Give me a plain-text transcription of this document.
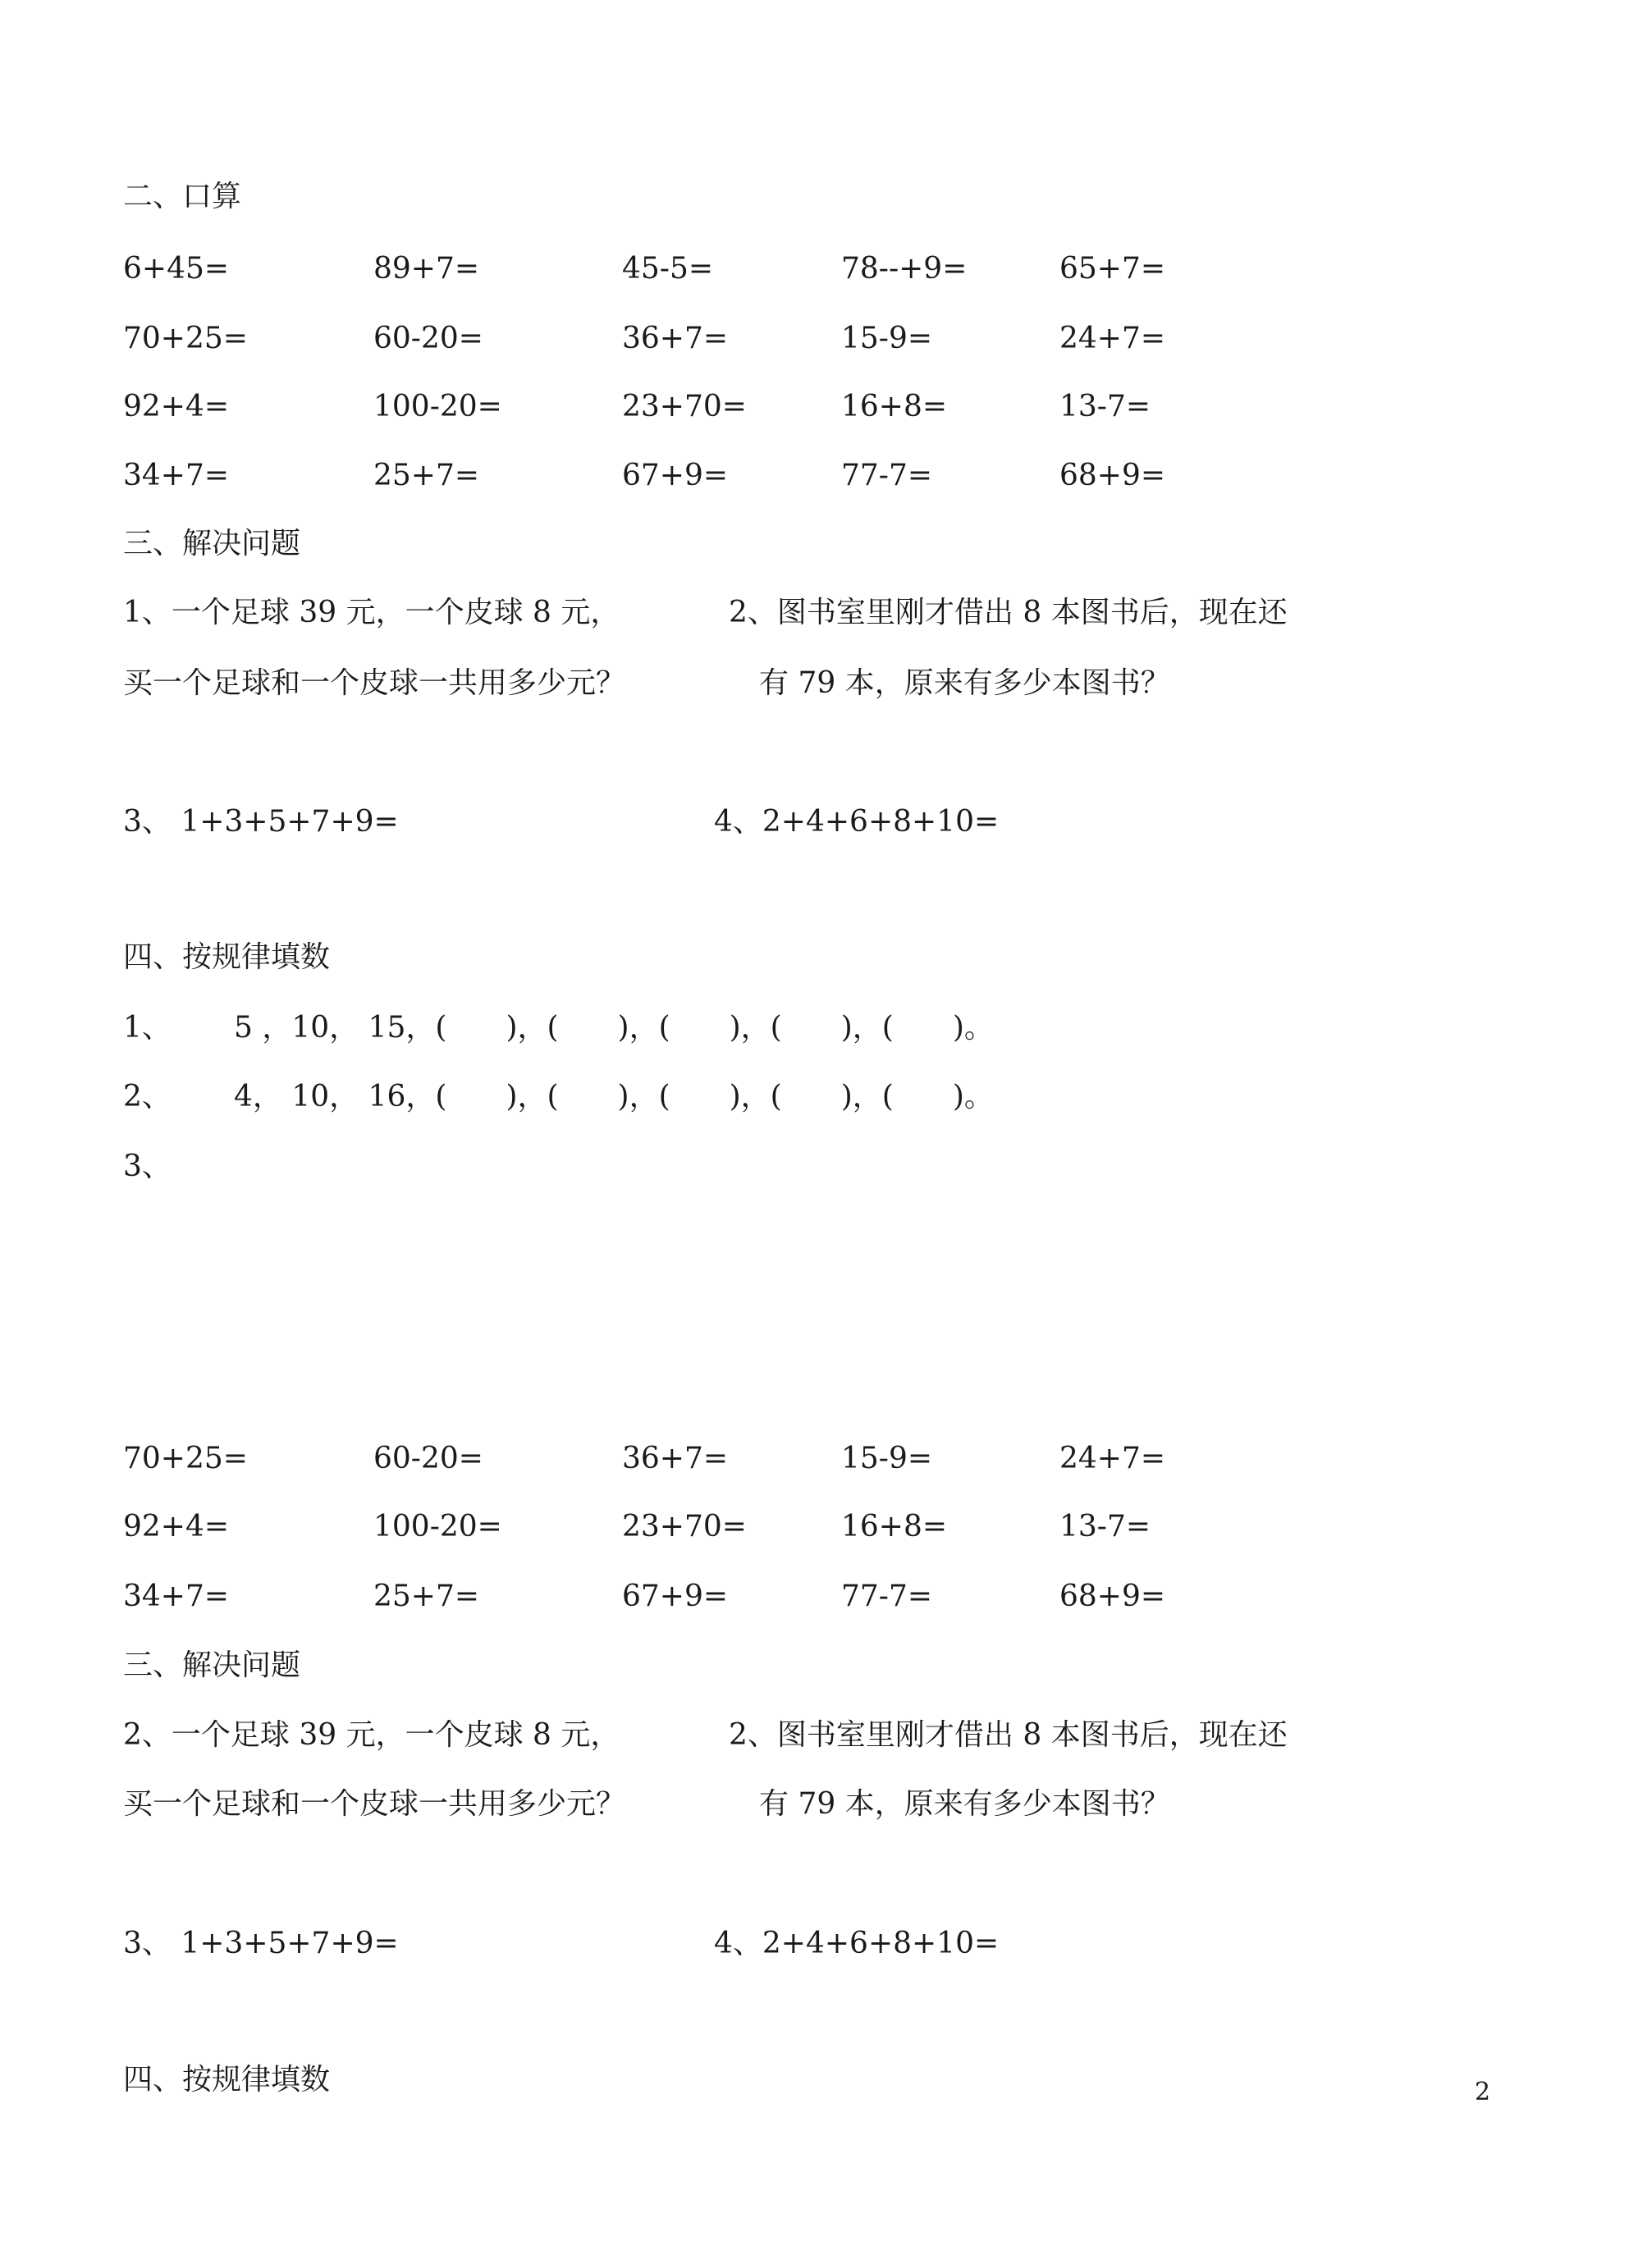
二、口算
6+45=	89+7=	45-5=	78--+9=	65+7=
70+25=	60-20=	36+7=	15-9=	24+7=
92+4=	100-20=	23+70=	16+8=	13-7=
34+7=	25+7=	67+9=	77-7=	68+9=
三、解决问题
1、一个足球 39 元，一个皮球 8 元，	2、图书室里刚才借出 8 本图书后，现在还
买一个足球和一个皮球一共用多少元？	有 79 本，原来有多少本图书？
3、 1+3+5+7+9=	4、2+4+6+8+10=
四、按规律填数
1、 5 ，10， 15，(　　)，(　　)，(　　)，(　　)，(　　)。
2、 4， 10， 16，(　　)，(　　)，(　　)，(　　)，(　　)。
3、
70+25=	60-20=	36+7=	15-9=	24+7=
92+4=	100-20=	23+70=	16+8=	13-7=
34+7=	25+7=	67+9=	77-7=	68+9=
三、解决问题
2、一个足球 39 元，一个皮球 8 元，	2、图书室里刚才借出 8 本图书后，现在还
买一个足球和一个皮球一共用多少元？	有 79 本，原来有多少本图书？
3、 1+3+5+7+9=	4、2+4+6+8+10=
四、按规律填数	2
